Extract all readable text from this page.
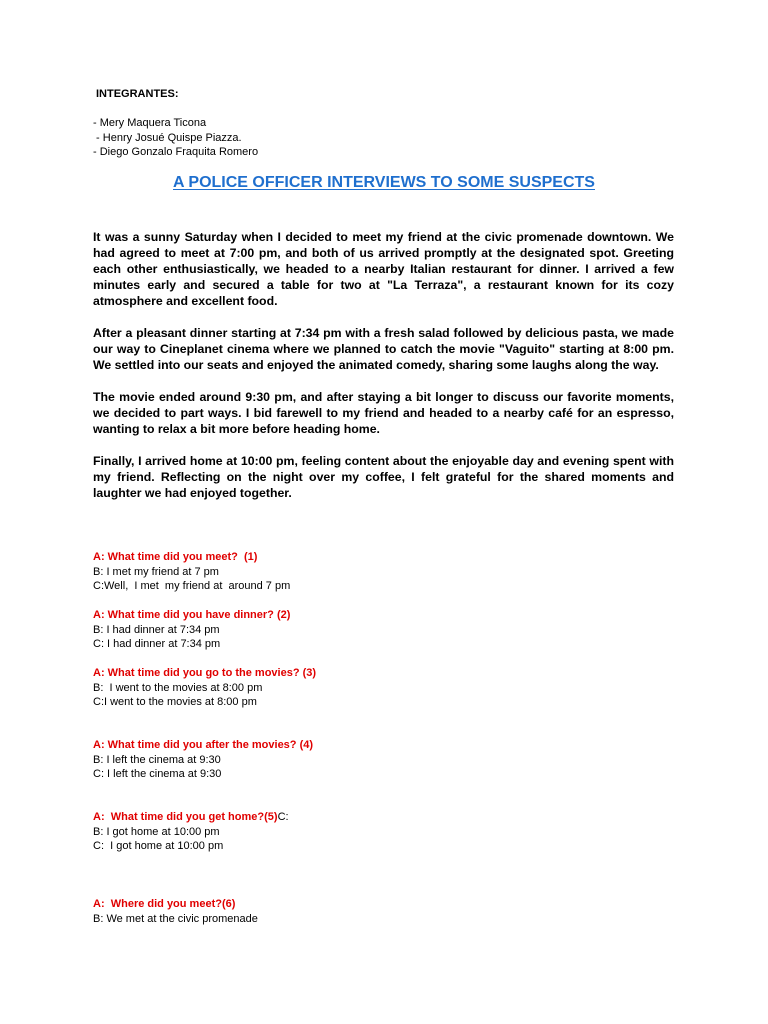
INTEGRANTES:
- Mery Maquera Ticona
- Henry Josué Quispe Piazza.
- Diego Gonzalo Fraquita Romero
A POLICE OFFICER INTERVIEWS TO SOME SUSPECTS

It was a sunny Saturday when I decided to meet my friend at the civic promenade downtown. We had agreed to meet at 7:00 pm, and both of us arrived promptly at the designated spot. Greeting each other enthusiastically, we headed to a nearby Italian restaurant for dinner. I arrived a few minutes early and secured a table for two at "La Terraza", a restaurant known for its cozy atmosphere and excellent food.

After a pleasant dinner starting at 7:34 pm with a fresh salad followed by delicious pasta, we made our way to Cineplanet cinema where we planned to catch the movie "Vaguito" starting at 8:00 pm. We settled into our seats and enjoyed the animated comedy, sharing some laughs along the way.

The movie ended around 9:30 pm, and after staying a bit longer to discuss our favorite moments, we decided to part ways. I bid farewell to my friend and headed to a nearby café for an espresso, wanting to relax a bit more before heading home.

Finally, I arrived home at 10:00 pm, feeling content about the enjoyable day and evening spent with my friend. Reflecting on the night over my coffee, I felt grateful for the shared moments and laughter we had enjoyed together.

A: What time did you meet?  (1)
B: I met my friend at 7 pm
C:Well,  I met  my friend at  around 7 pm
A: What time did you have dinner? (2)
B: I had dinner at 7:34 pm
C: I had dinner at 7:34 pm
A: What time did you go to the movies? (3)
B:  I went to the movies at 8:00 pm
C:I went to the movies at 8:00 pm
A: What time did you after the movies? (4)
B: I left the cinema at 9:30
C: I left the cinema at 9:30
A:  What time did you get home?(5)C:
B: I got home at 10:00 pm
C:  I got home at 10:00 pm
A:  Where did you meet?(6)
B: We met at the civic promenade
